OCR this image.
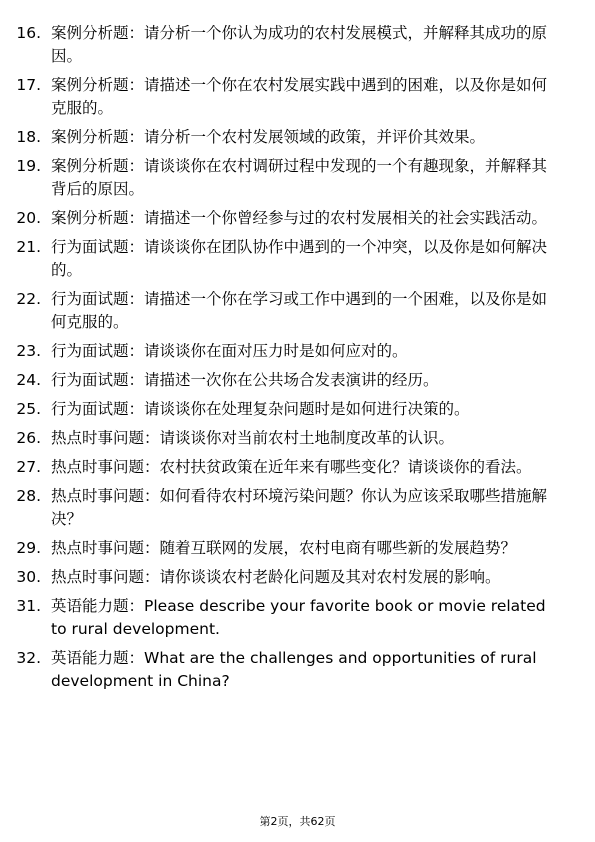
16. 案例分析题：请分析一个你认为成功的农村发展模式，并解释其成功的原因。
17. 案例分析题：请描述一个你在农村发展实践中遇到的困难，以及你是如何克服的。
18. 案例分析题：请分析一个农村发展领域的政策，并评价其效果。
19. 案例分析题：请谈谈你在农村调研过程中发现的一个有趣现象，并解释其背后的原因。
20. 案例分析题：请描述一个你曾经参与过的农村发展相关的社会实践活动。
21. 行为面试题：请谈谈你在团队协作中遇到的一个冲突，以及你是如何解决的。
22. 行为面试题：请描述一个你在学习或工作中遇到的一个困难，以及你是如何克服的。
23. 行为面试题：请谈谈你在面对压力时是如何应对的。
24. 行为面试题：请描述一次你在公共场合发表演讲的经历。
25. 行为面试题：请谈谈你在处理复杂问题时是如何进行决策的。
26. 热点时事问题：请谈谈你对当前农村土地制度改革的认识。
27. 热点时事问题：农村扶贫政策在近年来有哪些变化？请谈谈你的看法。
28. 热点时事问题：如何看待农村环境污染问题？你认为应该采取哪些措施解决？
29. 热点时事问题：随着互联网的发展，农村电商有哪些新的发展趋势？
30. 热点时事问题：请你谈谈农村老龄化问题及其对农村发展的影响。
31. 英语能力题：Please describe your favorite book or movie related to rural development.
32. 英语能力题：What are the challenges and opportunities of rural development in China?
第2页，共62页
